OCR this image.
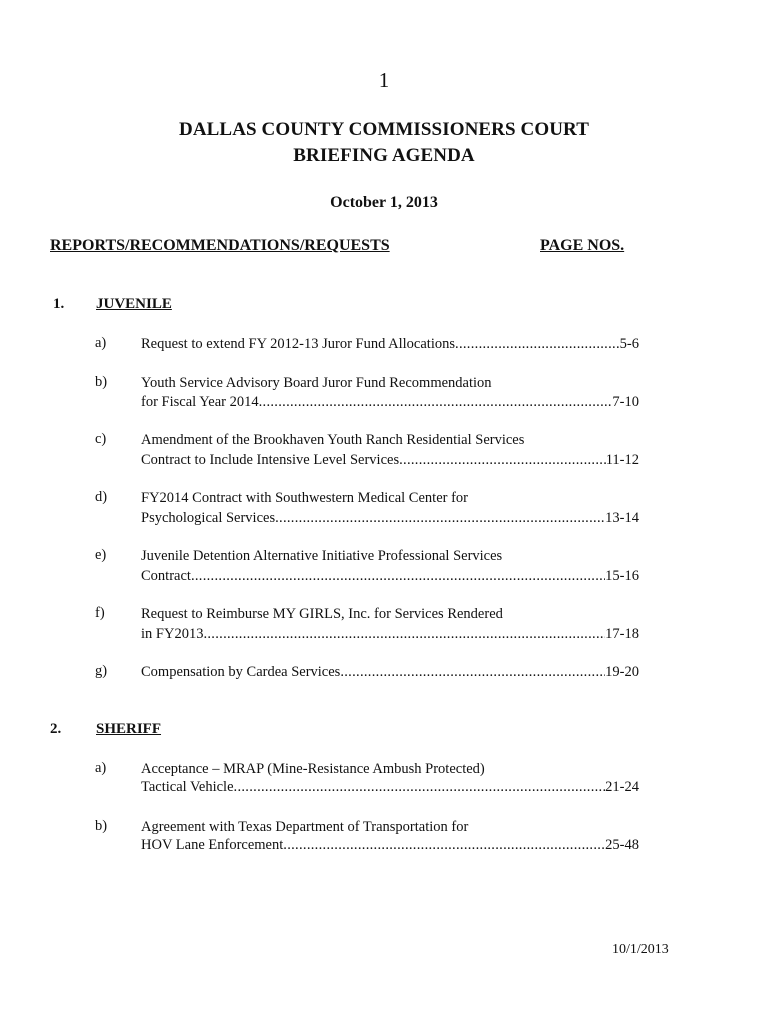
1
DALLAS COUNTY COMMISSIONERS COURT
BRIEFING AGENDA
October 1, 2013
REPORTS/RECOMMENDATIONS/REQUESTS	PAGE NOS.
1. JUVENILE
a) Request to extend FY 2012-13 Juror Fund Allocations .....	5-6
b) Youth Service Advisory Board Juror Fund Recommendation
for Fiscal Year 2014 .....	7-10
c) Amendment of the Brookhaven Youth Ranch Residential Services
Contract to Include Intensive Level Services .....	11-12
d) FY2014 Contract with Southwestern Medical Center for
Psychological Services .....	13-14
e) Juvenile Detention Alternative Initiative Professional Services
Contract .....	15-16
f)	Request to Reimburse MY GIRLS, Inc. for Services Rendered
in FY2013 .....	17-18
g) Compensation by Cardea Services .....	19-20
2. SHERIFF
a) Acceptance – MRAP (Mine-Resistance Ambush Protected)
Tactical Vehicle .....	21-24
b) Agreement with Texas Department of Transportation for
HOV Lane Enforcement .....	25-48
10/1/2013
